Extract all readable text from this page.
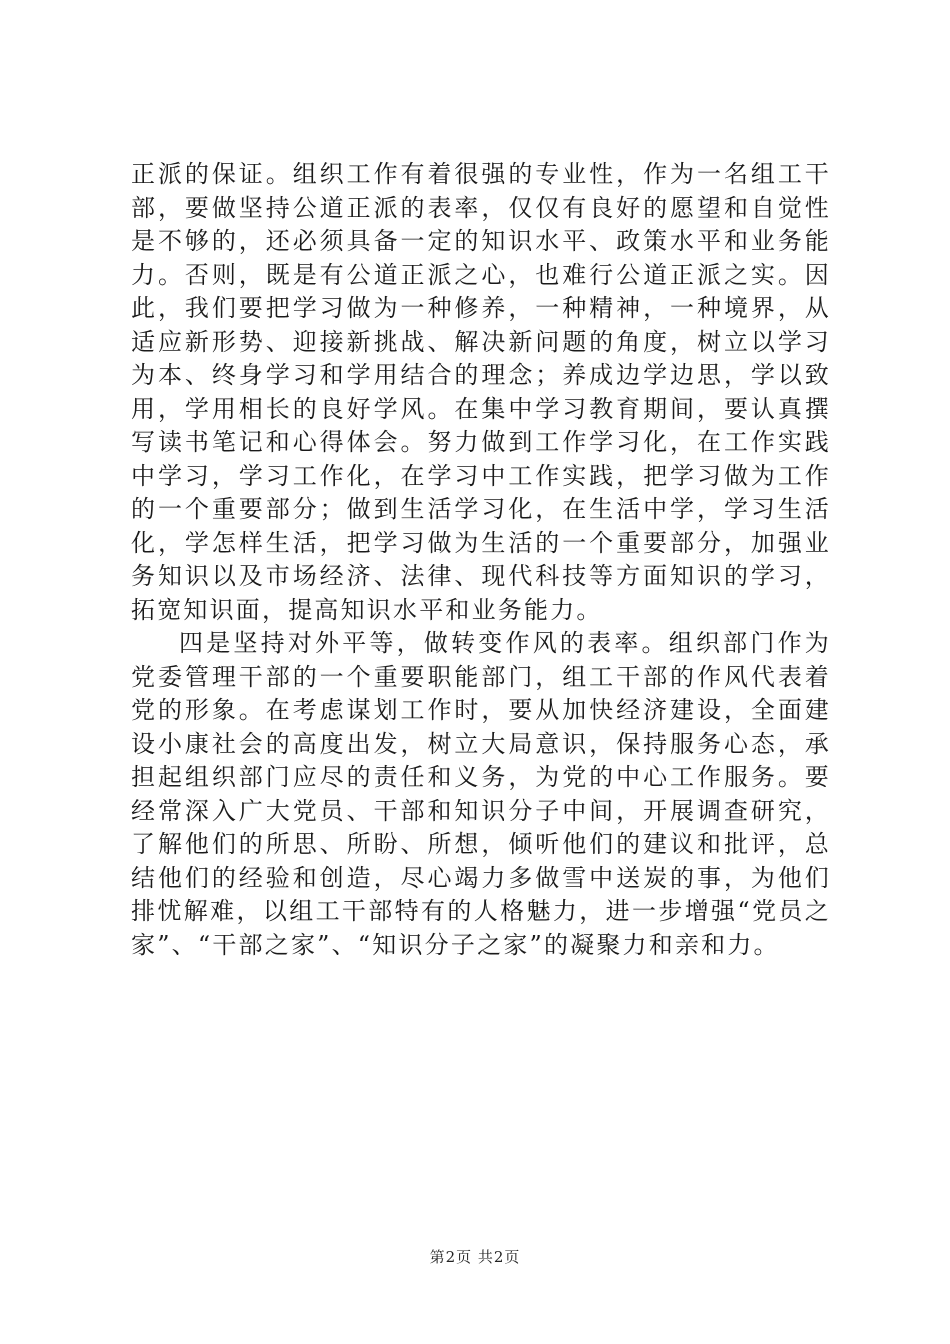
正派的保证。组织工作有着很强的专业性，作为一名组工干部，要做坚持公道正派的表率，仅仅有良好的愿望和自觉性是不够的，还必须具备一定的知识水平、政策水平和业务能力。否则，既是有公道正派之心，也难行公道正派之实。因此，我们要把学习做为一种修养，一种精神，一种境界，从适应新形势、迎接新挑战、解决新问题的角度，树立以学习为本、终身学习和学用结合的理念；养成边学边思，学以致用，学用相长的良好学风。在集中学习教育期间，要认真撰写读书笔记和心得体会。努力做到工作学习化，在工作实践中学习，学习工作化，在学习中工作实践，把学习做为工作的一个重要部分；做到生活学习化，在生活中学，学习生活化，学怎样生活，把学习做为生活的一个重要部分，加强业务知识以及市场经济、法律、现代科技等方面知识的学习，拓宽知识面，提高知识水平和业务能力。

四是坚持对外平等，做转变作风的表率。组织部门作为党委管理干部的一个重要职能部门，组工干部的作风代表着党的形象。在考虑谋划工作时，要从加快经济建设，全面建设小康社会的高度出发，树立大局意识，保持服务心态，承担起组织部门应尽的责任和义务，为党的中心工作服务。要经常深入广大党员、干部和知识分子中间，开展调查研究，了解他们的所思、所盼、所想，倾听他们的建议和批评，总结他们的经验和创造，尽心竭力多做雪中送炭的事，为他们排忧解难，以组工干部特有的人格魅力，进一步增强“党员之家”、“干部之家”、“知识分子之家”的凝聚力和亲和力。

第2页 共2页
